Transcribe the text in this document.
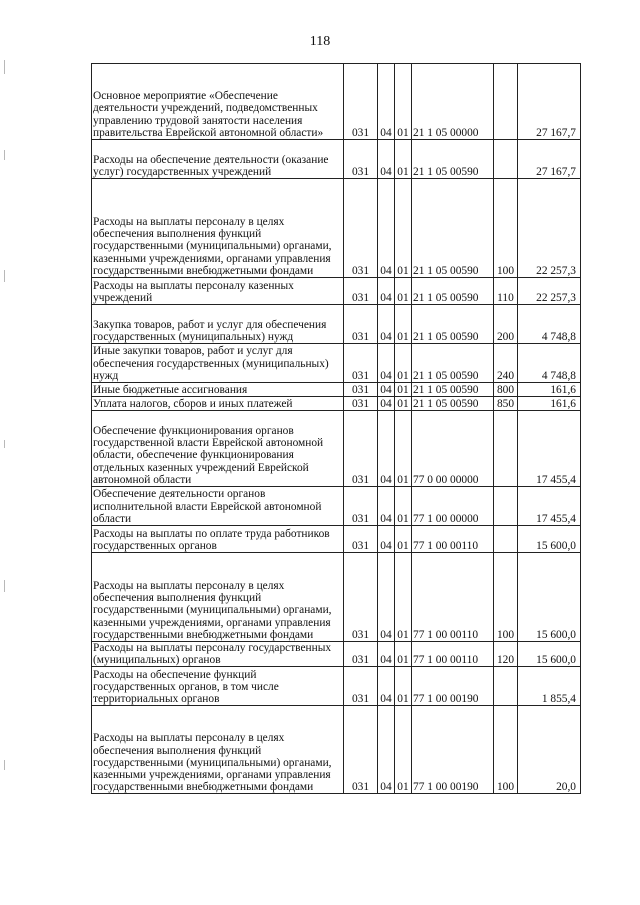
118
Основное мероприятие «Обеспечение деятельности учреждений, подведомственных управлению трудовой занятости населения правительства Еврейской автономной области»	031	04	01	21 1 05 00000		27 167,7
Расходы на обеспечение деятельности (оказание услуг) государственных учреждений	031	04	01	21 1 05 00590		27 167,7
Расходы на выплаты персоналу в целях обеспечения выполнения функций государственными (муниципальными) органами, казенными учреждениями, органами управления государственными внебюджетными фондами	031	04	01	21 1 05 00590	100	22 257,3
Расходы на выплаты персоналу казенных учреждений	031	04	01	21 1 05 00590	110	22 257,3
Закупка товаров, работ и услуг для обеспечения государственных (муниципальных) нужд	031	04	01	21 1 05 00590	200	4 748,8
Иные закупки товаров, работ и услуг для обеспечения государственных (муниципальных) нужд	031	04	01	21 1 05 00590	240	4 748,8
Иные бюджетные ассигнования	031	04	01	21 1 05 00590	800	161,6
Уплата налогов, сборов и иных платежей	031	04	01	21 1 05 00590	850	161,6
Обеспечение функционирования органов государственной власти Еврейской автономной области, обеспечение функционирования отдельных казенных учреждений Еврейской автономной области	031	04	01	77 0 00 00000		17 455,4
Обеспечение деятельности органов исполнительной власти Еврейской автономной области	031	04	01	77 1 00 00000		17 455,4
Расходы на выплаты по оплате труда работников государственных органов	031	04	01	77 1 00 00110		15 600,0
Расходы на выплаты персоналу в целях обеспечения выполнения функций государственными (муниципальными) органами, казенными учреждениями, органами управления государственными внебюджетными фондами	031	04	01	77 1 00 00110	100	15 600,0
Расходы на выплаты персоналу государственных (муниципальных) органов	031	04	01	77 1 00 00110	120	15 600,0
Расходы на обеспечение функций государственных органов, в том числе территориальных органов	031	04	01	77 1 00 00190		1 855,4
Расходы на выплаты персоналу в целях обеспечения выполнения функций государственными (муниципальными) органами, казенными учреждениями, органами управления государственными внебюджетными фондами	031	04	01	77 1 00 00190	100	20,0
